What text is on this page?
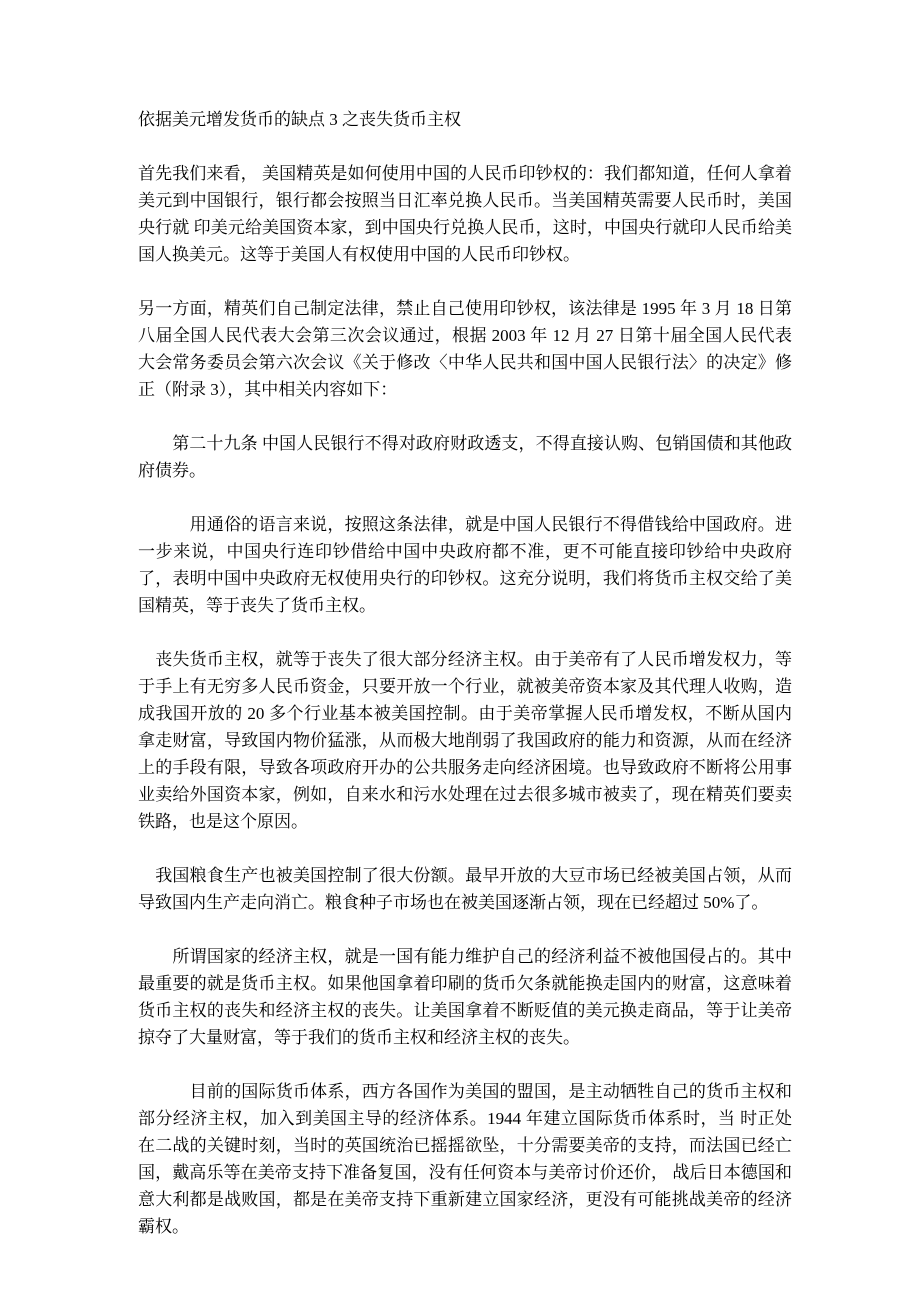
依据美元增发货币的缺点 3 之丧失货币主权

首先我们来看， 美国精英是如何使用中国的人民币印钞权的：我们都知道，任何人拿着美元到中国银行，银行都会按照当日汇率兑换人民币。当美国精英需要人民币时，美国央行就 印美元给美国资本家，到中国央行兑换人民币，这时，中国央行就印人民币给美国人换美元。这等于美国人有权使用中国的人民币印钞权。

另一方面，精英们自己制定法律，禁止自己使用印钞权，该法律是 1995 年 3 月 18 日第八届全国人民代表大会第三次会议通过，根据 2003 年 12 月 27 日第十届全国人民代表大会常务委员会第六次会议《关于修改〈中华人民共和国中国人民银行法〉的决定》修正（附录 3），其中相关内容如下：

　　第二十九条 中国人民银行不得对政府财政透支，不得直接认购、包销国债和其他政府债券。

　　　用通俗的语言来说，按照这条法律，就是中国人民银行不得借钱给中国政府。进一步来说，中国央行连印钞借给中国中央政府都不准，更不可能直接印钞给中央政府了，表明中国中央政府无权使用央行的印钞权。这充分说明，我们将货币主权交给了美国精英，等于丧失了货币主权。

　丧失货币主权，就等于丧失了很大部分经济主权。由于美帝有了人民币增发权力，等于手上有无穷多人民币资金，只要开放一个行业，就被美帝资本家及其代理人收购，造成我国开放的 20 多个行业基本被美国控制。由于美帝掌握人民币增发权，不断从国内拿走财富，导致国内物价猛涨，从而极大地削弱了我国政府的能力和资源，从而在经济上的手段有限，导致各项政府开办的公共服务走向经济困境。也导致政府不断将公用事业卖给外国资本家，例如，自来水和污水处理在过去很多城市被卖了，现在精英们要卖铁路，也是这个原因。

　我国粮食生产也被美国控制了很大份额。最早开放的大豆市场已经被美国占领，从而导致国内生产走向消亡。粮食种子市场也在被美国逐渐占领，现在已经超过 50%了。

　　所谓国家的经济主权，就是一国有能力维护自己的经济利益不被他国侵占的。其中最重要的就是货币主权。如果他国拿着印刷的货币欠条就能换走国内的财富，这意味着 货币主权的丧失和经济主权的丧失。让美国拿着不断贬值的美元换走商品，等于让美帝掠夺了大量财富，等于我们的货币主权和经济主权的丧失。

　　　目前的国际货币体系，西方各国作为美国的盟国，是主动牺牲自己的货币主权和部分经济主权，加入到美国主导的经济体系。1944 年建立国际货币体系时，当 时正处在二战的关键时刻，当时的英国统治已摇摇欲坠，十分需要美帝的支持，而法国已经亡国，戴高乐等在美帝支持下准备复国，没有任何资本与美帝讨价还价， 战后日本德国和意大利都是战败国，都是在美帝支持下重新建立国家经济，更没有可能挑战美帝的经济霸权。
